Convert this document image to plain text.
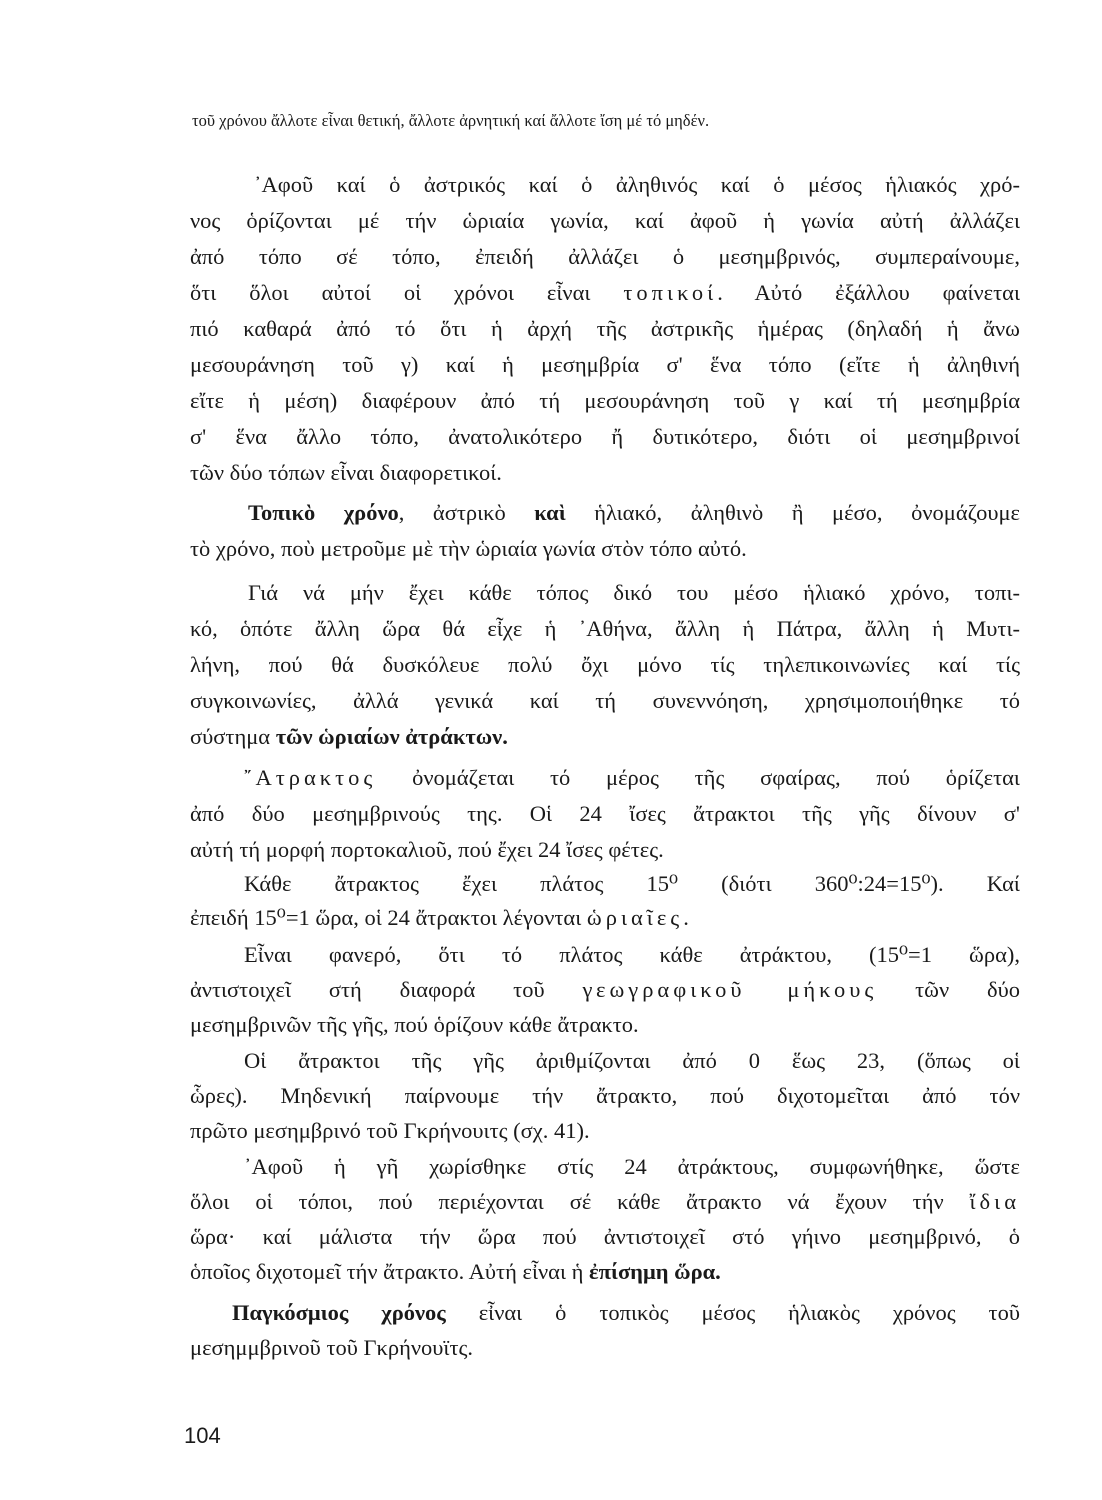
τοῦ χρόνου ἄλλοτε εἶναι θετική, ἄλλοτε ἀρνητική καί ἄλλοτε ἴση μέ τό μηδέν.
᾿Αφοῦ καί ὁ ἀστρικός καί ὁ ἀληθινός καί ὁ μέσος ἡλιακός χρό-
νος ὁρίζονται μέ τήν ὡριαία γωνία, καί ἀφοῦ ἡ γωνία αὐτή ἀλλάζει
ἀπό τόπο σέ τόπο, ἐπειδή ἀλλάζει ὁ μεσημβρινός, συμπεραίνουμε,
ὅτι ὅλοι αὐτοί οἱ χρόνοι εἶναι τοπικοί. Αὐτό ἐξάλλου φαίνεται
πιό καθαρά ἀπό τό ὅτι ἡ ἀρχή τῆς ἀστρικῆς ἡμέρας (δηλαδή ἡ ἄνω
μεσουράνηση τοῦ γ) καί ἡ μεσημβρία σ' ἕνα τόπο (εἴτε ἡ ἀληθινή
εἴτε ἡ μέση) διαφέρουν ἀπό τή μεσουράνηση τοῦ γ καί τή μεσημβρία
σ' ἕνα ἄλλο τόπο, ἀνατολικότερο ἤ δυτικότερο, διότι οἱ μεσημβρινοί
τῶν δύο τόπων εἶναι διαφορετικοί.
Τοπικὸ χρόνο, ἀστρικὸ καὶ ἡλιακό, ἀληθινὸ ἢ μέσο, ὀνομάζουμε
τὸ χρόνο, ποὺ μετροῦμε μὲ τὴν ὡριαία γωνία στὸν τόπο αὐτό.
Γιά νά μήν ἔχει κάθε τόπος δικό του μέσο ἡλιακό χρόνο, τοπι-
κό, ὁπότε ἄλλη ὥρα θά εἶχε ἡ ᾿Αθήνα, ἄλλη ἡ Πάτρα, ἄλλη ἡ Μυτι-
λήνη, πού θά δυσκόλευε πολύ ὄχι μόνο τίς τηλεπικοινωνίες καί τίς
συγκοινωνίες, ἀλλά γενικά καί τή συνεννόηση, χρησιμοποιήθηκε τό
σύστημα τῶν ὡριαίων ἀτράκτων.
῎Ατρακτος ὀνομάζεται τό μέρος τῆς σφαίρας, πού ὁρίζεται
ἀπό δύο μεσημβρινούς της. Οἱ 24 ἴσες ἄτρακτοι τῆς γῆς δίνουν σ'
αὐτή τή μορφή πορτοκαλιοῦ, πού ἔχει 24 ἴσες φέτες.
Κάθε ἄτρακτος ἔχει πλάτος 15⁰ (διότι 360⁰:24=15⁰). Καί
ἐπειδή 15⁰=1 ὥρα, οἱ 24 ἄτρακτοι λέγονται ὡριαῖες.
Εἶναι φανερό, ὅτι τό πλάτος κάθε ἀτράκτου, (15⁰=1 ὥρα),
ἀντιστοιχεῖ στή διαφορά τοῦ γεωγραφικοῦ μήκους τῶν δύο
μεσημβρινῶν τῆς γῆς, πού ὁρίζουν κάθε ἄτρακτο.
Οἱ ἄτρακτοι τῆς γῆς ἀριθμίζονται ἀπό 0 ἕως 23, (ὅπως οἱ
ὧρες). Μηδενική παίρνουμε τήν ἄτρακτο, πού διχοτομεῖται ἀπό τόν
πρῶτο μεσημβρινό τοῦ Γκρήνουιτς (σχ. 41).
᾿Αφοῦ ἡ γῆ χωρίσθηκε στίς 24 ἀτράκτους, συμφωνήθηκε, ὥστε
ὅλοι οἱ τόποι, πού περιέχονται σέ κάθε ἄτρακτο νά ἔχουν τήν ἴδια
ὥρα· καί μάλιστα τήν ὥρα πού ἀντιστοιχεῖ στό γήινο μεσημβρινό, ὁ
ὁποῖος διχοτομεῖ τήν ἄτρακτο. Αὐτή εἶναι ἡ ἐπίσημη ὥρα.
Παγκόσμιος χρόνος εἶναι ὁ τοπικὸς μέσος ἡλιακὸς χρόνος τοῦ
μεσημμβρινοῦ τοῦ Γκρήνουϊτς.
104
